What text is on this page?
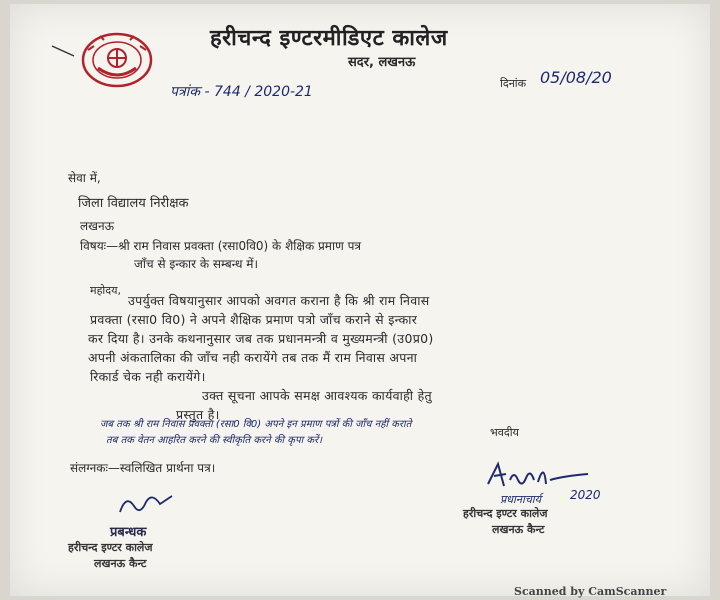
हरीचन्द इण्टरमीडिएट कालेज
सदर, लखनऊ
पत्रांक - 744 / 2020-21
दिनांक 05/08/20
सेवा में,
जिला विद्यालय निरीक्षक
लखनऊ
विषयः—श्री राम निवास प्रवक्ता (रसा0वि0) के शैक्षिक प्रमाण पत्र
जाँच से इन्कार के सम्बन्ध में।
महोदय,
उपर्युक्त विषयानुसार आपको अवगत कराना है कि श्री राम निवास
प्रवक्ता (रसा0 वि0) ने अपने शैक्षिक प्रमाण पत्रो जाँच कराने से इन्कार
कर दिया है। उनके कथनानुसार जब तक प्रधानमन्त्री व मुख्यमन्त्री (उ0प्र0)
अपनी अंकतालिका की जाँच नही करायेंगे तब तक मैं राम निवास अपना
रिकार्ड चेक नही करायेंगे।
उक्त सूचना आपके समक्ष आवश्यक कार्यवाही हेतु
प्रस्तुत है।
जब तक श्री राम निवास प्रवक्ता (रसा0 वि0) अपने इन प्रमाण पत्रों की जाँच नहीं कराते
तब तक वेतन आहरित करने की स्वीकृति करने की कृपा करें।
संलग्नकः—स्वलिखित प्रार्थना पत्र।
भवदीय
प्रधानाचार्य 2020
हरीचन्द इण्टर कालेज
लखनऊ कैन्ट
प्रबन्धक
हरीचन्द इण्टर कालेज
लखनऊ कैन्ट
Scanned by CamScanner
